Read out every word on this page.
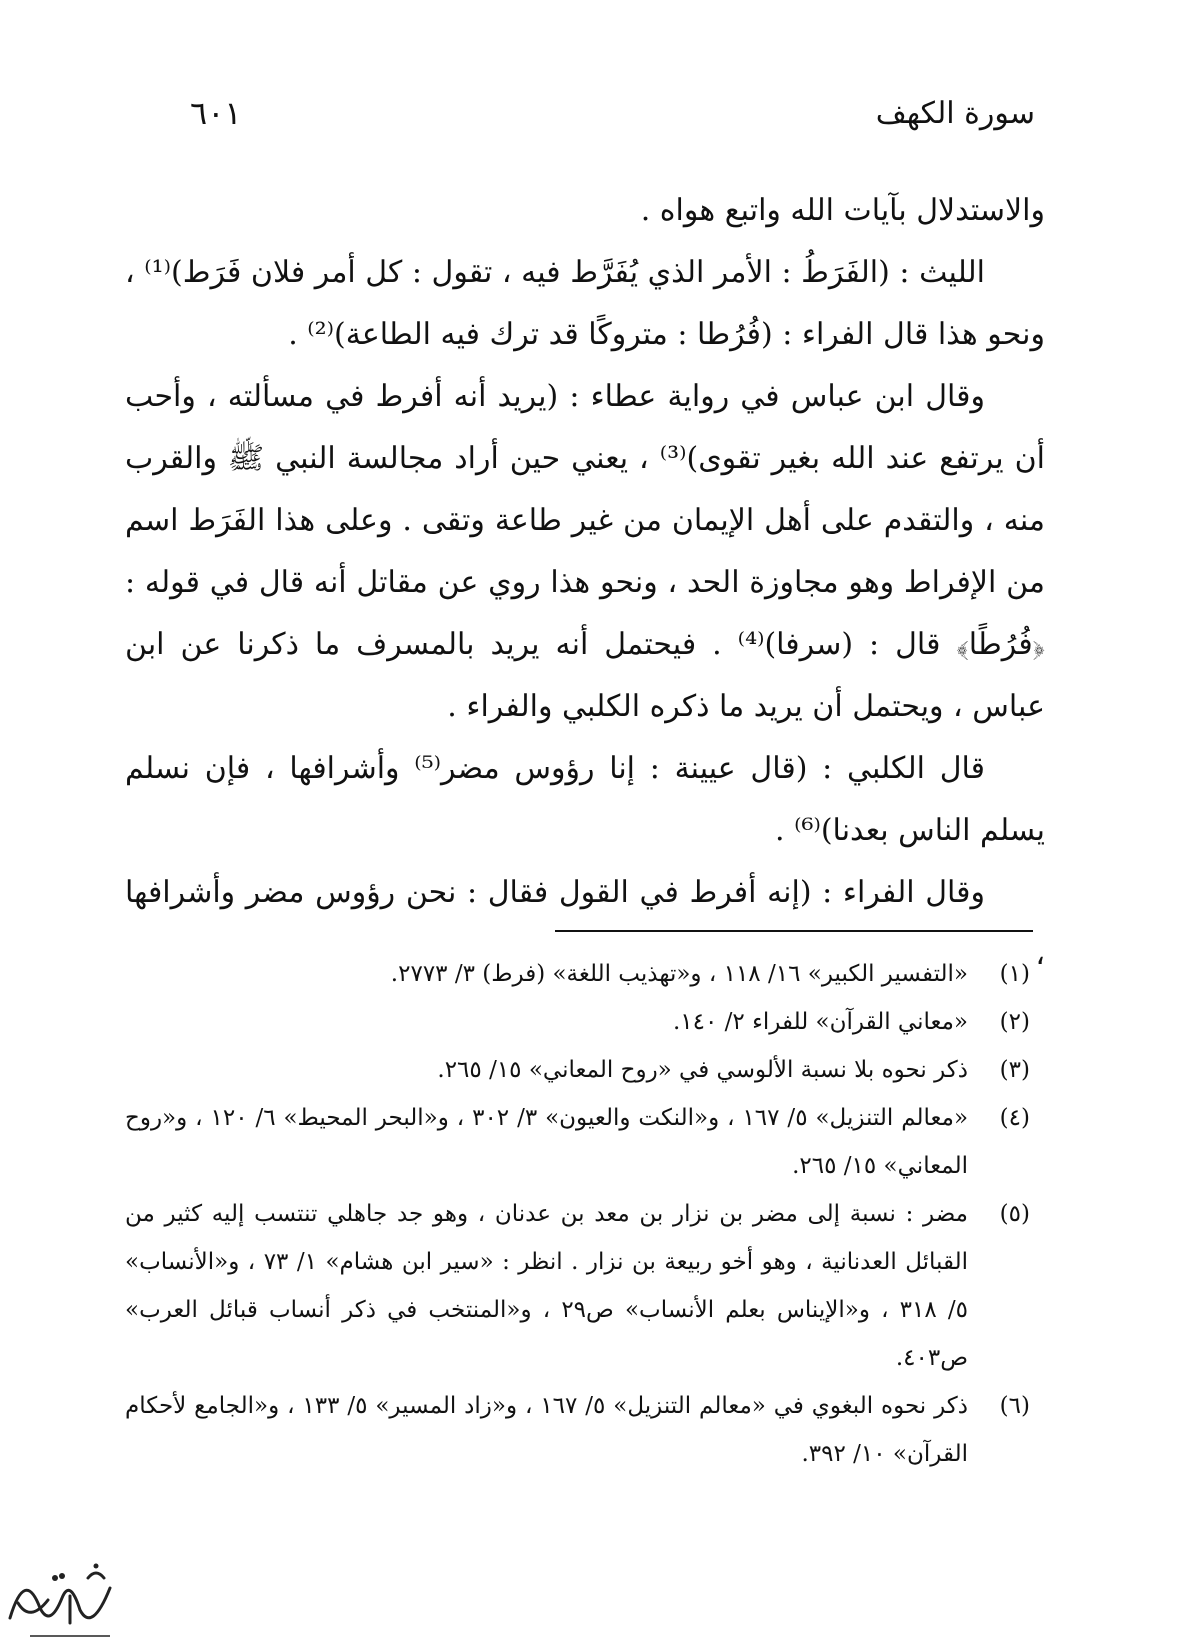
سورة الكهف
٦٠١

والاستدلال بآيات الله واتبع هواه .

الليث : (الفَرَطُ : الأمر الذي يُفَرَّط فيه ، تقول : كل أمر فلان فَرَط)⁽¹⁾ ، ونحو هذا قال الفراء : (فُرُطا : متروكًا قد ترك فيه الطاعة)⁽²⁾ .

وقال ابن عباس في رواية عطاء : (يريد أنه أفرط في مسألته ، وأحب أن يرتفع عند الله بغير تقوى)⁽³⁾ ، يعني حين أراد مجالسة النبي ﷺ والقرب منه ، والتقدم على أهل الإيمان من غير طاعة وتقى . وعلى هذا الفَرَط اسم من الإفراط وهو مجاوزة الحد ، ونحو هذا روي عن مقاتل أنه قال في قوله : ﴿فُرُطًا﴾ قال : (سرفا)⁽⁴⁾ . فيحتمل أنه يريد بالمسرف ما ذكرنا عن ابن عباس ، ويحتمل أن يريد ما ذكره الكلبي والفراء .

قال الكلبي : (قال عيينة : إنا رؤوس مضر⁽⁵⁾ وأشرافها ، فإن نسلم يسلم الناس بعدنا)⁽⁶⁾ .

وقال الفراء : (إنه أفرط في القول فقال : نحن رؤوس مضر وأشرافها ،

(١)
«التفسير الكبير» ١٦/ ١١٨ ، و«تهذيب اللغة» (فرط) ٣/ ٢٧٧٣.
(٢)
«معاني القرآن» للفراء ٢/ ١٤٠.
(٣)
ذكر نحوه بلا نسبة الألوسي في «روح المعاني» ١٥/ ٢٦٥.
(٤)
«معالم التنزيل» ٥/ ١٦٧ ، و«النكت والعيون» ٣/ ٣٠٢ ، و«البحر المحيط» ٦/ ١٢٠ ، و«روح المعاني» ١٥/ ٢٦٥.
(٥)
مضر : نسبة إلى مضر بن نزار بن معد بن عدنان ، وهو جد جاهلي تنتسب إليه كثير من القبائل العدنانية ، وهو أخو ربيعة بن نزار . انظر : «سير ابن هشام» ١/ ٧٣ ، و«الأنساب» ٥/ ٣١٨ ، و«الإيناس بعلم الأنساب» ص٢٩ ، و«المنتخب في ذكر أنساب قبائل العرب» ص٤٠٣.
(٦)
ذكر نحوه البغوي في «معالم التنزيل» ٥/ ١٦٧ ، و«زاد المسير» ٥/ ١٣٣ ، و«الجامع لأحكام القرآن» ١٠/ ٣٩٢.
